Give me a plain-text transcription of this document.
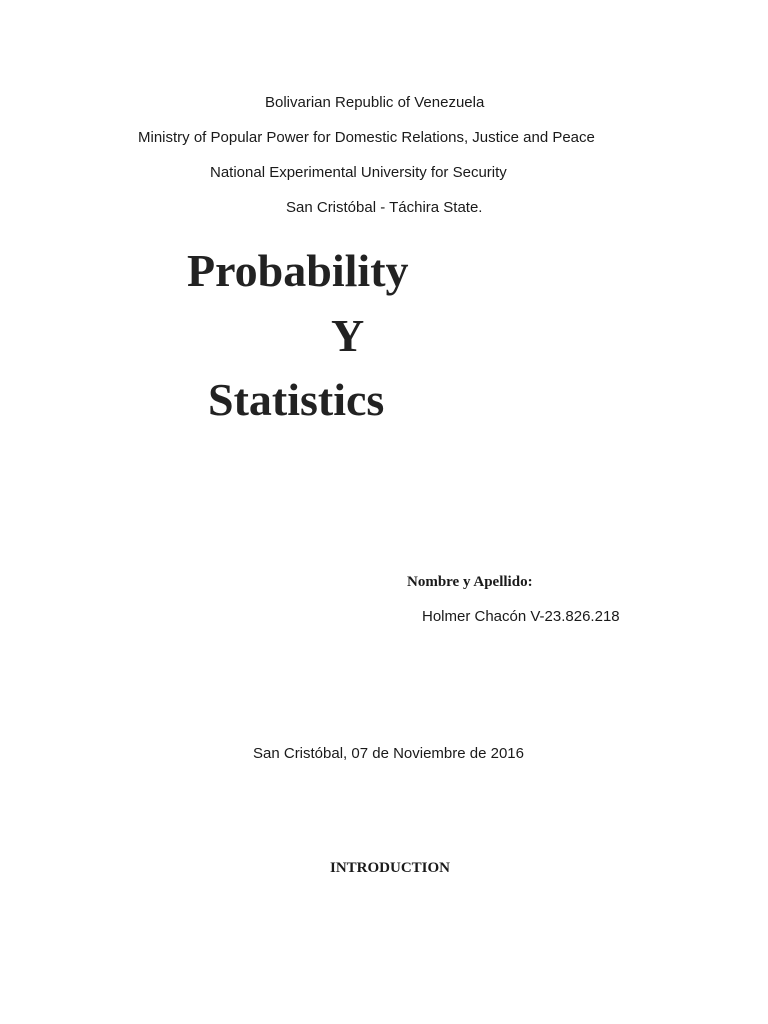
Bolivarian Republic of Venezuela
Ministry of Popular Power for Domestic Relations, Justice and Peace
National Experimental University for Security
San Cristóbal - Táchira State.
Probability
Y
Statistics
Nombre y Apellido:
Holmer Chacón V-23.826.218
San Cristóbal, 07 de Noviembre de 2016
INTRODUCTION
